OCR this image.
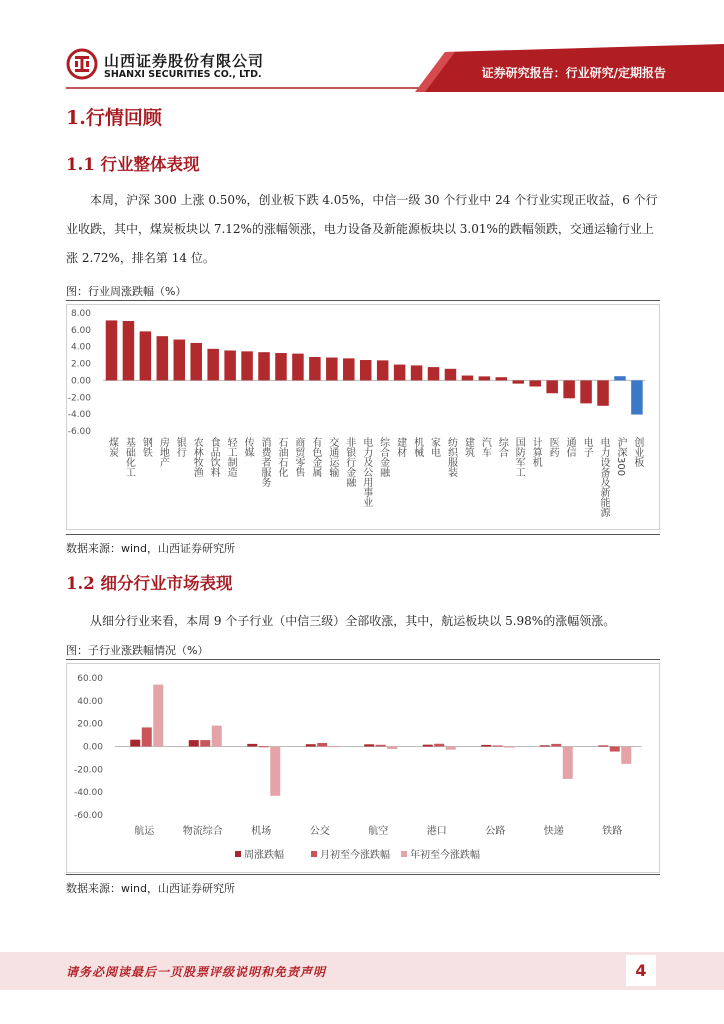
山西证券股份有限公司
SHANXI SECURITIES CO., LTD.	证券研究报告：行业研究/定期报告
1.行情回顾
1.1 行业整体表现

本周，沪深 300 上涨 0.50%，创业板下跌 4.05%，中信一级 30 个行业中 24 个行业实现正收益，6 个行业收跌，其中，煤炭板块以 7.12%的涨幅领涨，电力设备及新能源板块以 3.01%的跌幅领跌，交通运输行业上涨 2.72%，排名第 14 位。

图：行业周涨跌幅（%）
8.00
6.00
4.00
2.00
0.00
-2.00
-4.00
-6.00
煤炭 基础化工 钢铁 房地产 银行 农林牧渔 食品饮料 轻工制造 传媒 消费者服务 石油石化 商贸零售 有色金属 交通运输 非银行金融 电力及公用事业 综合金融 建材 机械 家电 纺织服装 建筑 汽车 综合 国防军工 计算机 医药 通信 电子 电力设备及新能源 沪深300 创业板
数据来源：wind，山西证券研究所
1.2 细分行业市场表现

从细分行业来看，本周 9 个子行业（中信三级）全部收涨，其中，航运板块以 5.98%的涨幅领涨。

图：子行业涨跌幅情况（%）
60.00
40.00
20.00
0.00
-20.00
-40.00
-60.00
航运	物流综合	机场	公交	航空	港口	公路	快递	铁路
周涨跌幅	月初至今涨跌幅 年初至今涨跌幅
数据来源：wind，山西证券研究所
请务必阅读最后一页股票评级说明和免责声明	4
